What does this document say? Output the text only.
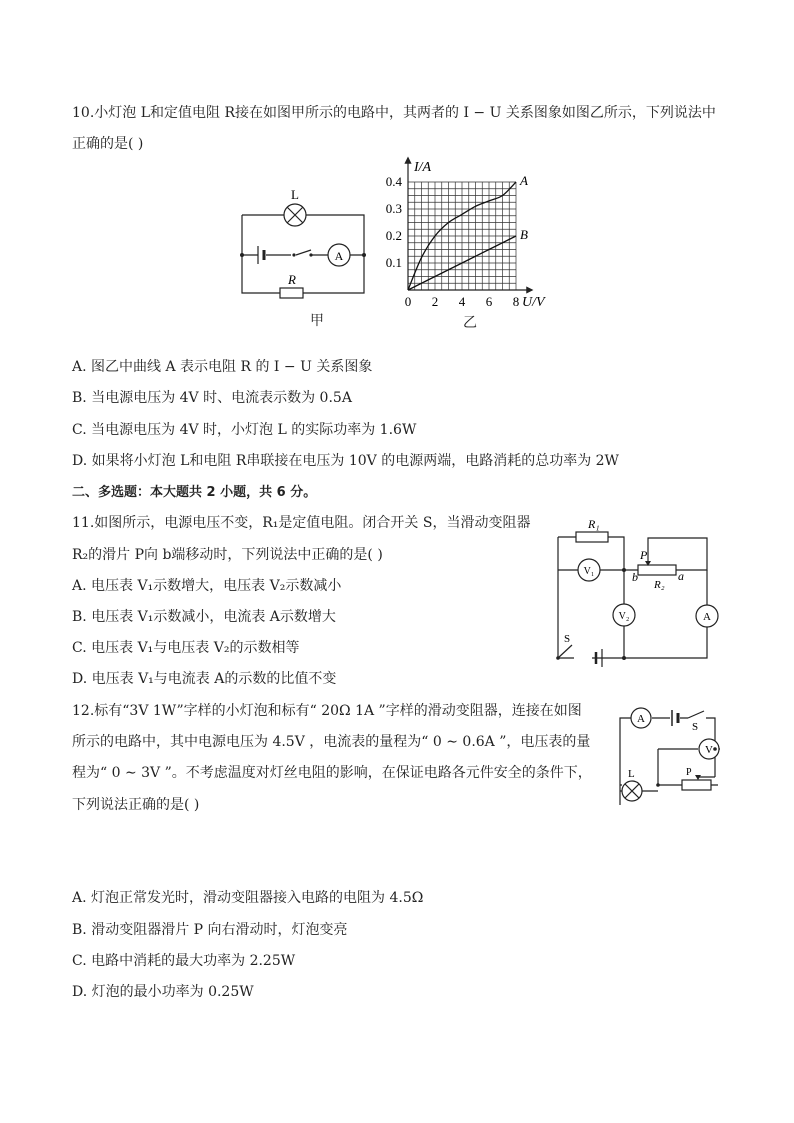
10.小灯泡 L和定值电阻 R接在如图甲所示的电路中，其两者的 I − U 关系图象如图乙所示，下列说法中
正确的是( )
L
A
R
甲
A
B
0 2 4 6 8
0.1
0.2
0.3
0.4
I/A
U/V
乙
A. 图乙中曲线 A 表示电阻 R 的 I − U 关系图象
B. 当电源电压为 4V 时、电流表示数为 0.5A
C. 当电源电压为 4V 时，小灯泡 L 的实际功率为 1.6W
D. 如果将小灯泡 L和电阻 R串联接在电压为 10V 的电源两端，电路消耗的总功率为 2W
二、多选题：本大题共 2 小题，共 6 分。
11.如图所示，电源电压不变，R₁是定值电阻。闭合开关 S，当滑动变阻器
R₂的滑片 P向 b端移动时，下列说法中正确的是( )
A. 电压表 V₁示数增大，电压表 V₂示数减小
B. 电压表 V₁示数减小，电流表 A示数增大
C. 电压表 V₁与电压表 V₂的示数相等
D. 电压表 V₁与电流表 A的示数的比值不变
R₁
V₁
V₂	A
P
R₂
a
b
S
12.标有“3V 1W”字样的小灯泡和标有“ 20Ω 1A ”字样的滑动变阻器，连接在如图
所示的电路中，其中电源电压为 4.5V ，电流表的量程为“ 0 ∼ 0.6A ”，电压表的量
程为“ 0 ∼ 3V ”。不考虑温度对灯丝电阻的影响，在保证电路各元件安全的条件下，
下列说法正确的是( )
A
S
V
L	P
A. 灯泡正常发光时，滑动变阻器接入电路的电阻为 4.5Ω
B. 滑动变阻器滑片 P 向右滑动时，灯泡变亮
C. 电路中消耗的最大功率为 2.25W
D. 灯泡的最小功率为 0.25W
